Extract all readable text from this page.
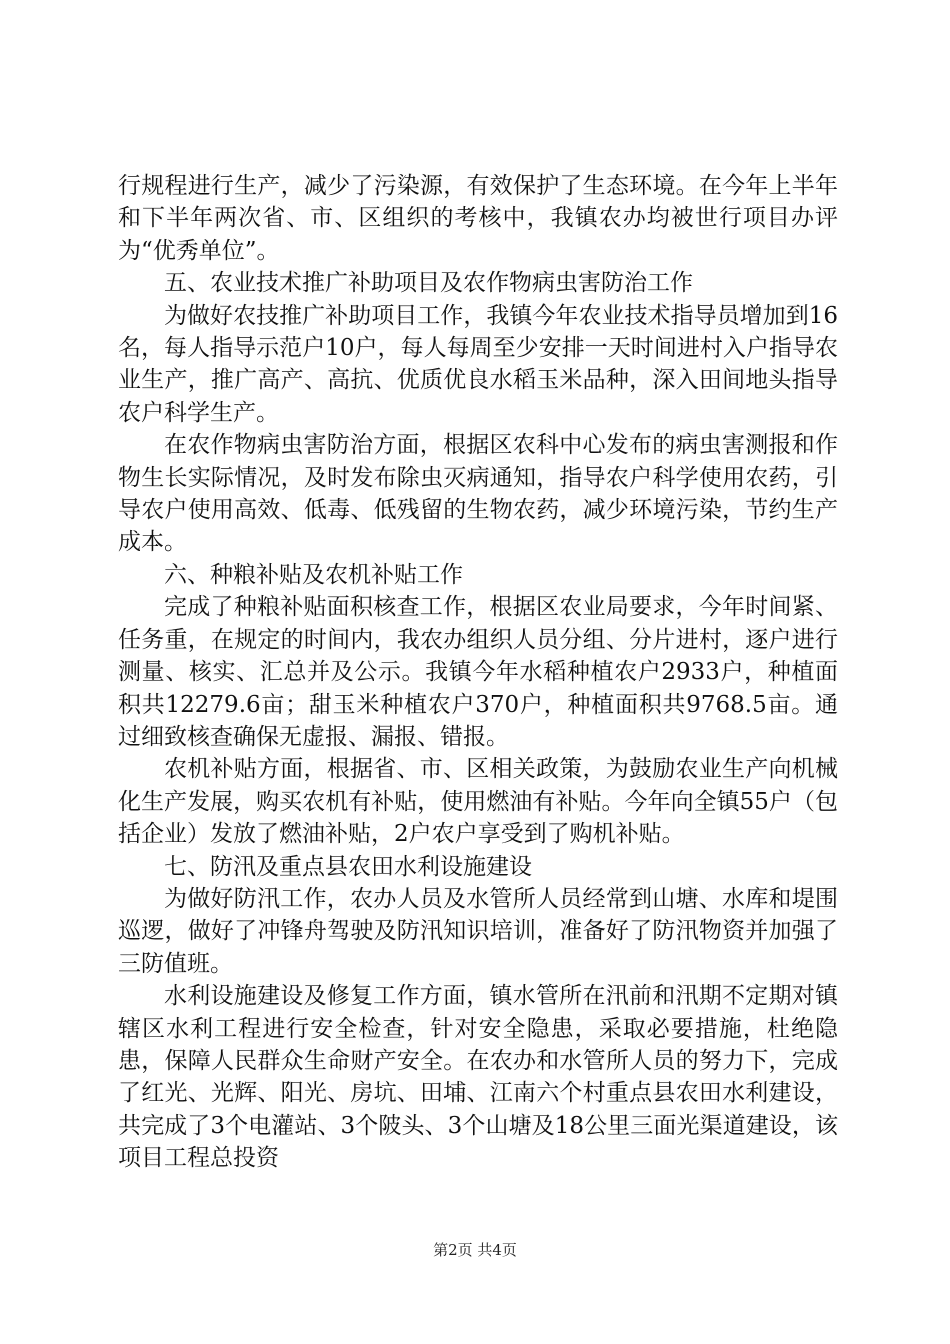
行规程进行生产，减少了污染源，有效保护了生态环境。在今年上半年和下半年两次省、市、区组织的考核中，我镇农办均被世行项目办评为“优秀单位”。

五、农业技术推广补助项目及农作物病虫害防治工作

为做好农技推广补助项目工作，我镇今年农业技术指导员增加到16名，每人指导示范户10户，每人每周至少安排一天时间进村入户指导农业生产，推广高产、高抗、优质优良水稻玉米品种，深入田间地头指导农户科学生产。

在农作物病虫害防治方面，根据区农科中心发布的病虫害测报和作物生长实际情况，及时发布除虫灭病通知，指导农户科学使用农药，引导农户使用高效、低毒、低残留的生物农药，减少环境污染，节约生产成本。

六、种粮补贴及农机补贴工作

完成了种粮补贴面积核查工作，根据区农业局要求，今年时间紧、任务重，在规定的时间内，我农办组织人员分组、分片进村，逐户进行测量、核实、汇总并及公示。我镇今年水稻种植农户2933户，种植面积共12279.6亩；甜玉米种植农户370户，种植面积共9768.5亩。通过细致核查确保无虚报、漏报、错报。

农机补贴方面，根据省、市、区相关政策，为鼓励农业生产向机械化生产发展，购买农机有补贴，使用燃油有补贴。今年向全镇55户（包括企业）发放了燃油补贴，2户农户享受到了购机补贴。

七、防汛及重点县农田水利设施建设

为做好防汛工作，农办人员及水管所人员经常到山塘、水库和堤围巡逻，做好了冲锋舟驾驶及防汛知识培训，准备好了防汛物资并加强了三防值班。

水利设施建设及修复工作方面，镇水管所在汛前和汛期不定期对镇辖区水利工程进行安全检查，针对安全隐患，采取必要措施，杜绝隐患，保障人民群众生命财产安全。在农办和水管所人员的努力下，完成了红光、光辉、阳光、房坑、田埔、江南六个村重点县农田水利建设，共完成了3个电灌站、3个陂头、3个山塘及18公里三面光渠道建设，该项目工程总投资

第2页 共4页
